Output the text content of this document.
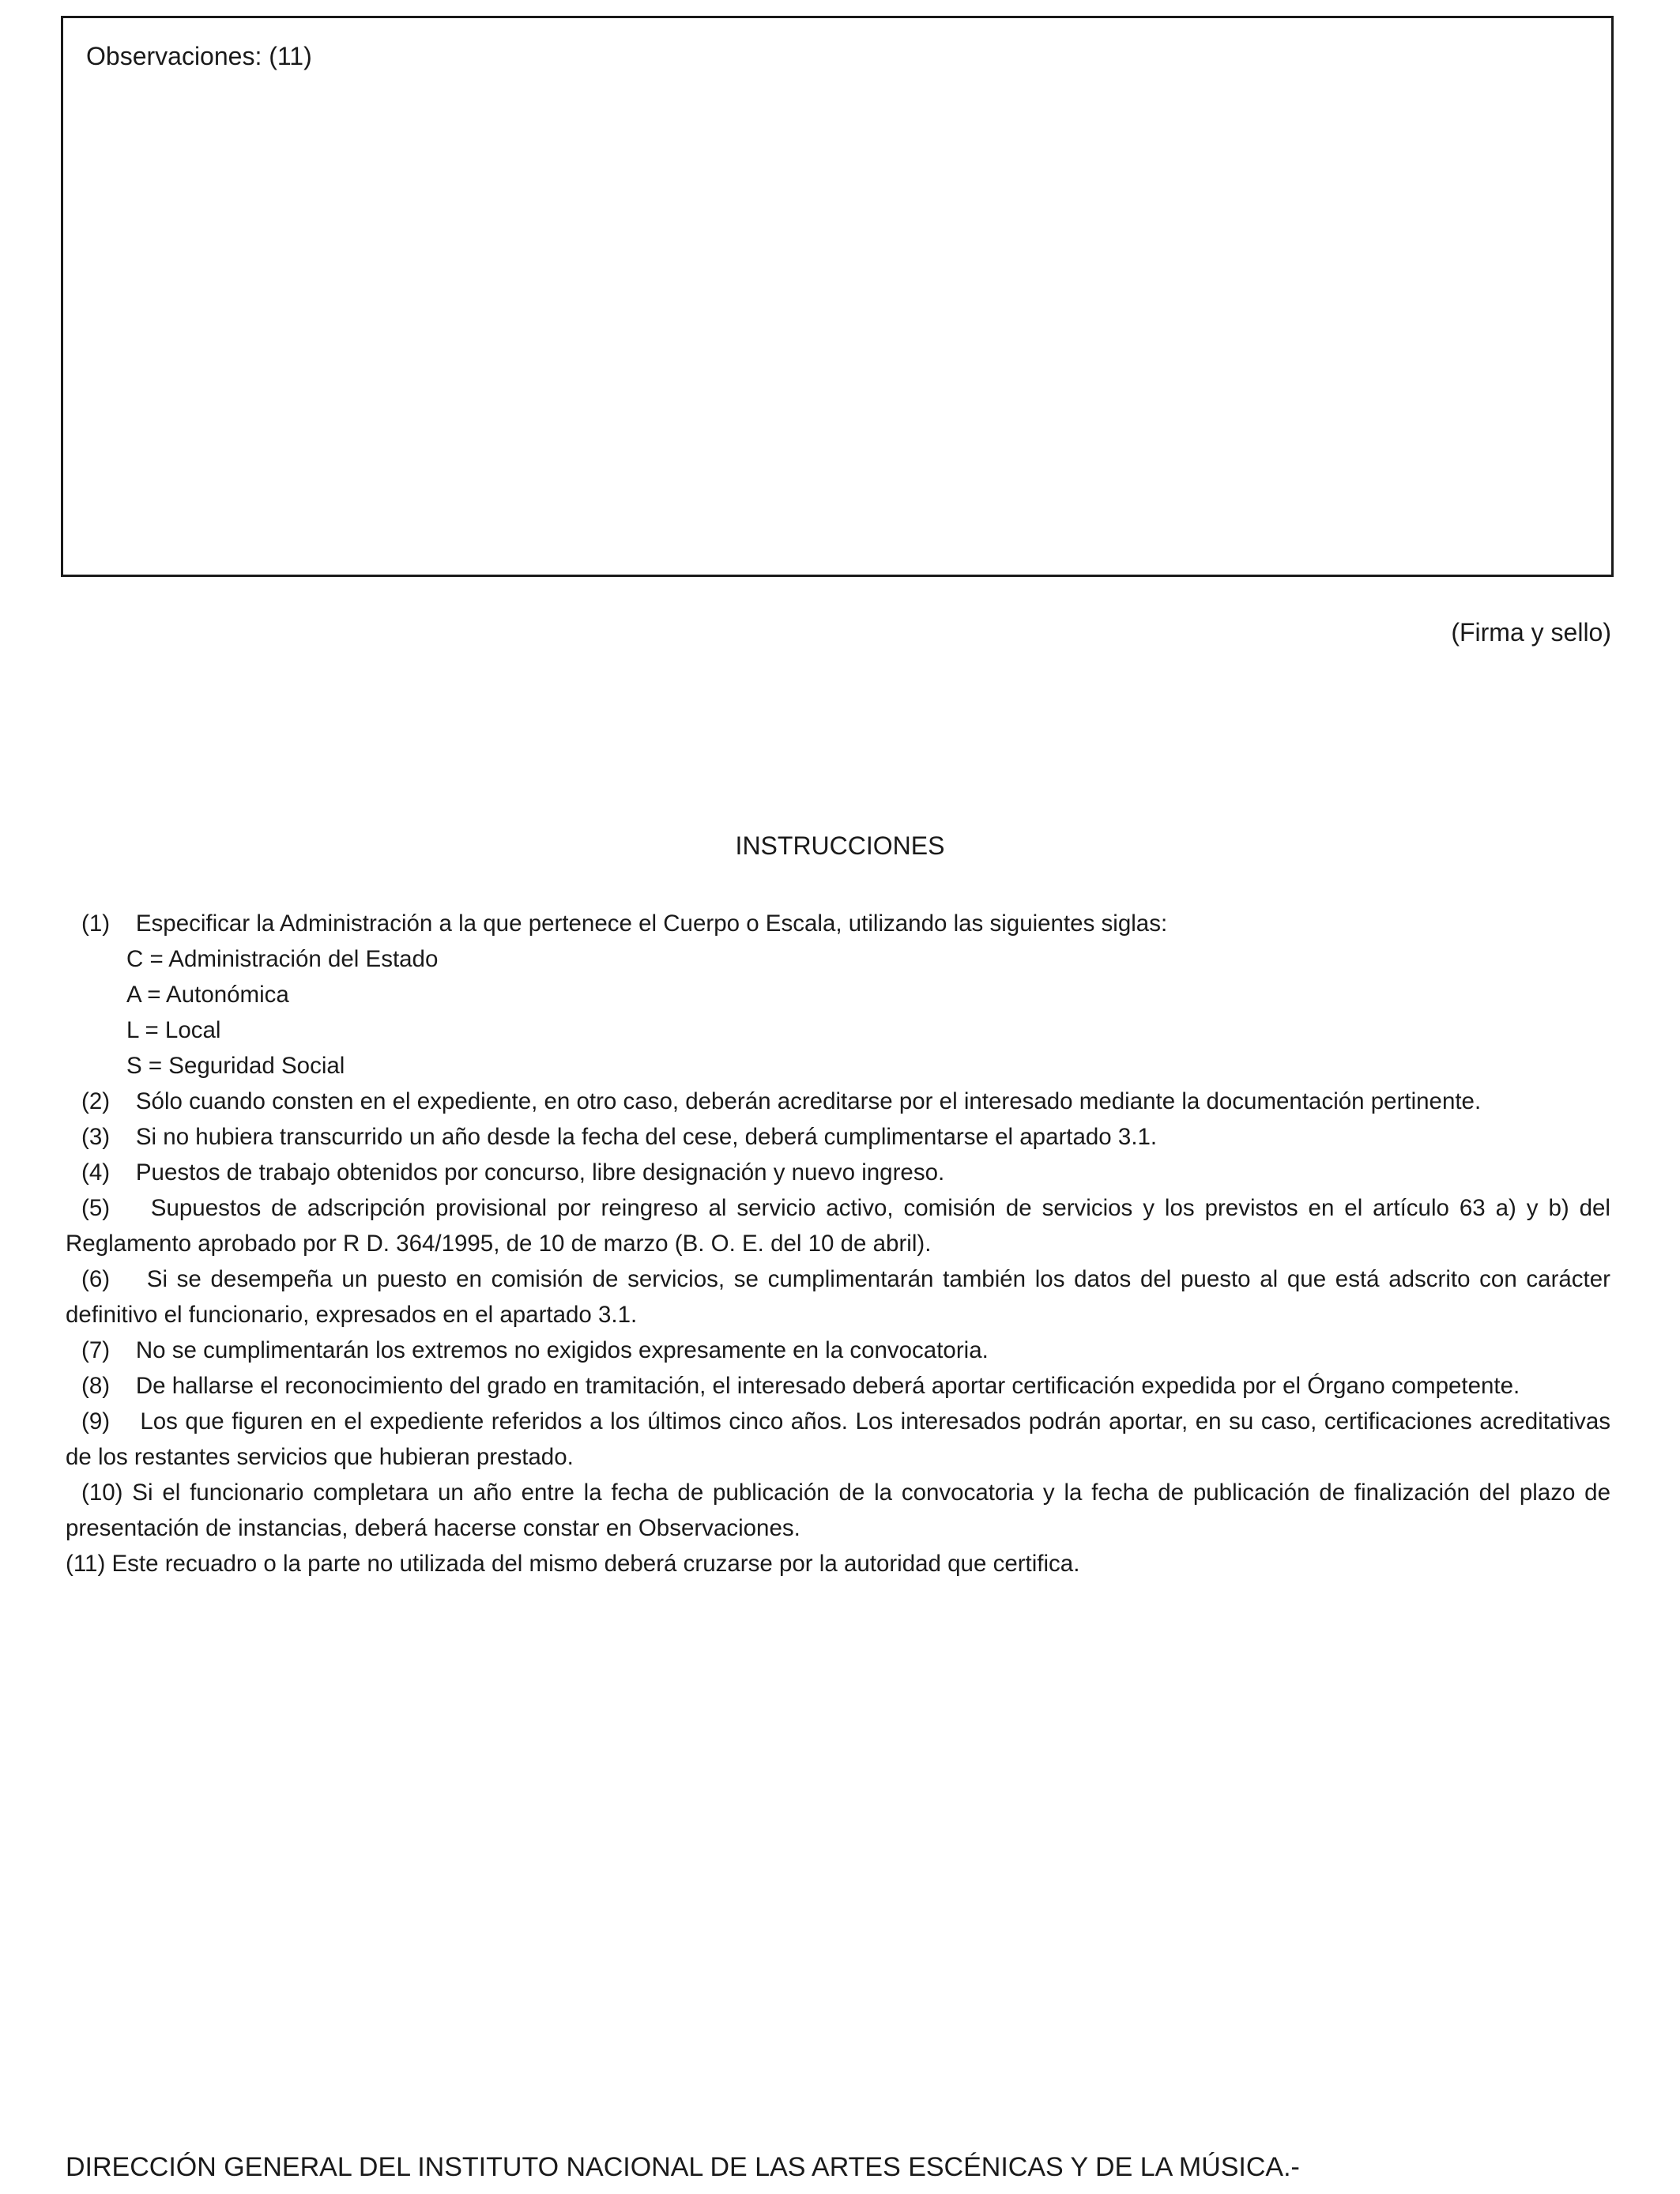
Observaciones: (11)
(Firma y sello)
INSTRUCCIONES

(1) Especificar la Administración a la que pertenece el Cuerpo o Escala, utilizando las siguientes siglas:

C = Administración del Estado

A = Autonómica

L = Local

S = Seguridad Social

(2) Sólo cuando consten en el expediente, en otro caso, deberán acreditarse por el interesado mediante la documentación pertinente.

(3) Si no hubiera transcurrido un año desde la fecha del cese, deberá cumplimentarse el apartado 3.1.

(4) Puestos de trabajo obtenidos por concurso, libre designación y nuevo ingreso.

(5) Supuestos de adscripción provisional por reingreso al servicio activo, comisión de servicios y los previstos en el artículo 63 a) y b) del Reglamento aprobado por R D. 364/1995, de 10 de marzo (B. O. E. del 10 de abril).

(6) Si se desempeña un puesto en comisión de servicios, se cumplimentarán también los datos del puesto al que está adscrito con carácter definitivo el funcionario, expresados en el apartado 3.1.

(7) No se cumplimentarán los extremos no exigidos expresamente en la convocatoria.

(8) De hallarse el reconocimiento del grado en tramitación, el interesado deberá aportar certificación expedida por el Órgano competente.

(9) Los que figuren en el expediente referidos a los últimos cinco años. Los interesados podrán aportar, en su caso, certificaciones acreditativas de los restantes servicios que hubieran prestado.

(10) Si el funcionario completara un año entre la fecha de publicación de la convocatoria y la fecha de publicación de finalización del plazo de presentación de instancias, deberá hacerse constar en Observaciones.

(11) Este recuadro o la parte no utilizada del mismo deberá cruzarse por la autoridad que certifica.

DIRECCIÓN GENERAL DEL INSTITUTO NACIONAL DE LAS ARTES ESCÉNICAS Y DE LA MÚSICA.-
